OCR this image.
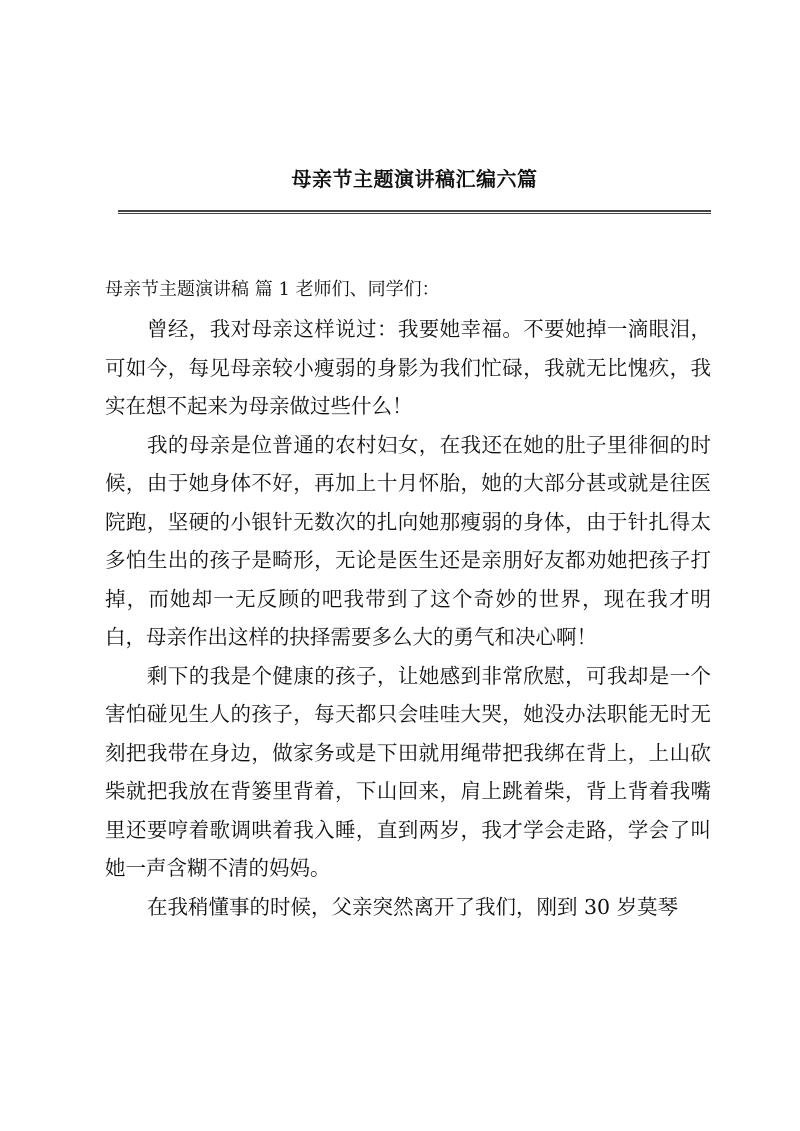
母亲节主题演讲稿汇编六篇

母亲节主题演讲稿 篇 1 老师们、同学们：

曾经，我对母亲这样说过：我要她幸福。不要她掉一滴眼泪，可如今，每见母亲较小瘦弱的身影为我们忙碌，我就无比愧疚，我实在想不起来为母亲做过些什么！

我的母亲是位普通的农村妇女，在我还在她的肚子里徘徊的时候，由于她身体不好，再加上十月怀胎，她的大部分甚或就是往医院跑，坚硬的小银针无数次的扎向她那瘦弱的身体，由于针扎得太多怕生出的孩子是畸形，无论是医生还是亲朋好友都劝她把孩子打掉，而她却一无反顾的吧我带到了这个奇妙的世界，现在我才明白，母亲作出这样的抉择需要多么大的勇气和决心啊！

剩下的我是个健康的孩子，让她感到非常欣慰，可我却是一个害怕碰见生人的孩子，每天都只会哇哇大哭，她没办法职能无时无刻把我带在身边，做家务或是下田就用绳带把我绑在背上，上山砍柴就把我放在背篓里背着，下山回来，肩上跳着柴，背上背着我嘴里还要哼着歌调哄着我入睡，直到两岁，我才学会走路，学会了叫她一声含糊不清的妈妈。

在我稍懂事的时候，父亲突然离开了我们，刚到 30 岁莫琴
